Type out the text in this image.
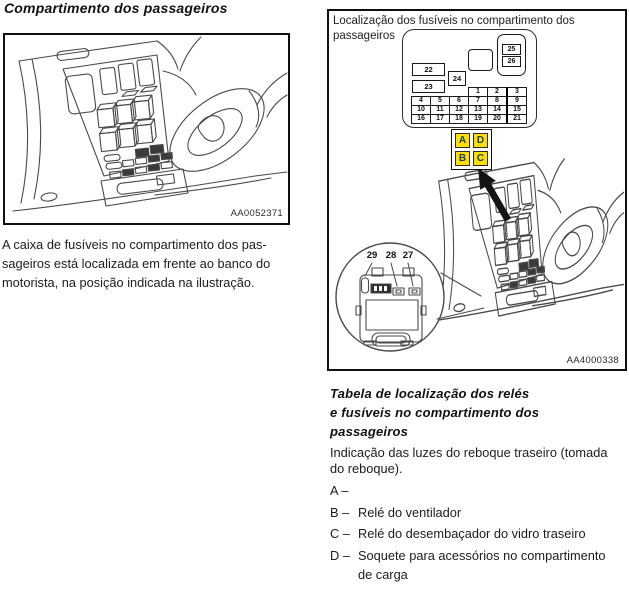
Compartimento dos passageiros
AA0052371

A caixa de fusíveis no compartimento dos pas-
sageiros está localizada em frente ao banco do
motorista, na posição indicada na ilustração.

Localização dos fusíveis no compartimento dos
passageiros
22
23
24
25
26
			1	2	3
4	5	6	7	8	9
10	11	12	13	14	15
16	17	18	19	20	21
A	D
B	C
29 28 27
AA4000338
Tabela de localização dos relés
e fusíveis no compartimento dos
passageiros

Indicação das luzes do reboque traseiro (tomada
do reboque).

A –
B – Relé do ventilador
C – Relé do desembaçador do vidro traseiro
D – Soquete para acessórios no compartimento de carga
